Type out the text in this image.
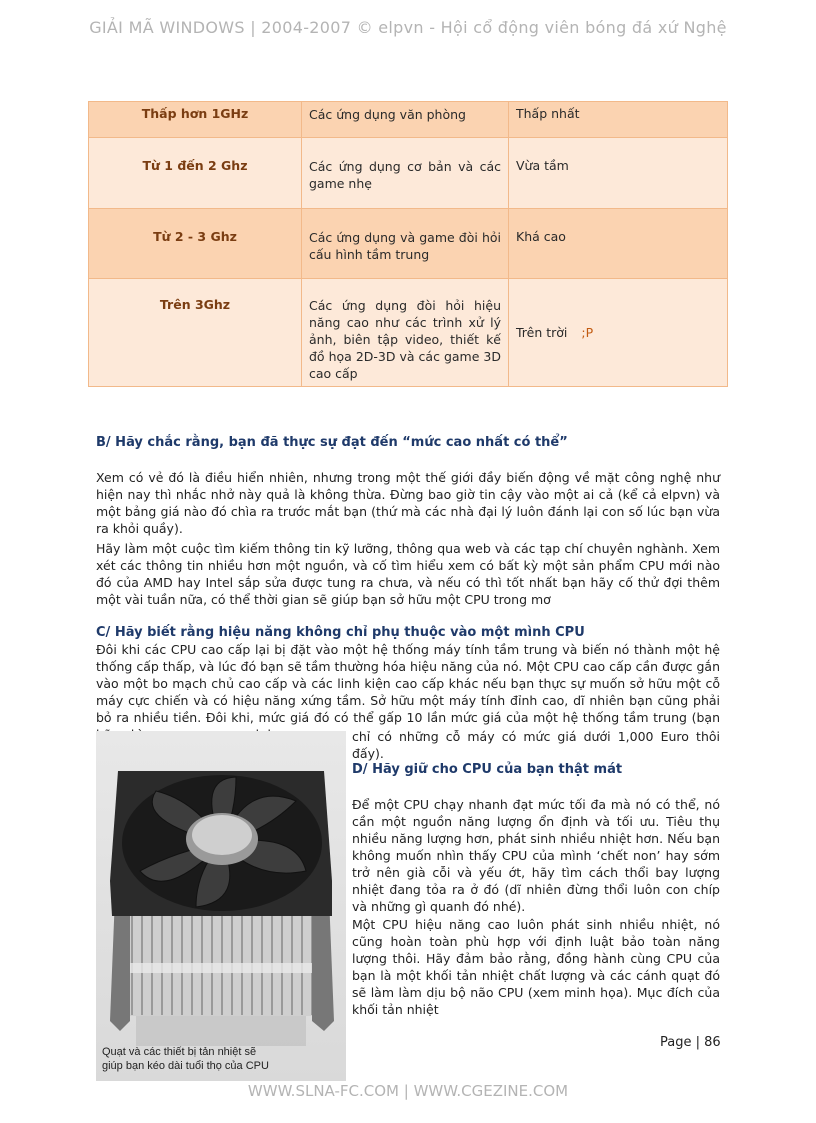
GIẢI MÃ WINDOWS | 2004-2007 © elpvn - Hội cổ động viên bóng đá xứ Nghệ
Thấp hơn 1GHz	Các ứng dụng văn phòng	Thấp nhất
Từ 1 đến 2 Ghz	Các ứng dụng cơ bản và các game nhẹ	Vừa tầm
Từ 2 - 3 Ghz	Các ứng dụng và game đòi hỏi cấu hình tầm trung	Khá cao
Trên 3Ghz	Các ứng dụng đòi hỏi hiệu năng cao như các trình xử lý ảnh, biên tập video, thiết kế đồ họa 2D-3D và các game 3D cao cấp	Trên trời ;P
B/ Hãy chắc rằng, bạn đã thực sự đạt đến “mức cao nhất có thể”
Xem có vẻ đó là điều hiển nhiên, nhưng trong một thế giới đầy biến động về mặt công nghệ như hiện nay thì nhắc nhở này quả là không thừa. Đừng bao giờ tin cậy vào một ai cả (kể cả elpvn) và một bảng giá nào đó chìa ra trước mắt bạn (thứ mà các nhà đại lý luôn đánh lại con số lúc bạn vừa ra khỏi quầy).
Hãy làm một cuộc tìm kiếm thông tin kỹ lưỡng, thông qua web và các tạp chí chuyên nghành. Xem xét các thông tin nhiều hơn một nguồn, và cố tìm hiểu xem có bất kỳ một sản phẩm CPU mới nào đó của AMD hay Intel sắp sửa được tung ra chưa, và nếu có thì tốt nhất bạn hãy cố thử đợi thêm một vài tuần nữa, có thể thời gian sẽ giúp bạn sở hữu một CPU trong mơ
C/ Hãy biết rằng hiệu năng không chỉ phụ thuộc vào một mình CPU
Đôi khi các CPU cao cấp lại bị đặt vào một hệ thống máy tính tầm trung và biến nó thành một hệ thống cấp thấp, và lúc đó bạn sẽ tầm thường hóa hiệu năng của nó. Một CPU cao cấp cần được gắn vào một bo mạch chủ cao cấp và các linh kiện cao cấp khác nếu bạn thực sự muốn sở hữu một cỗ máy cực chiến và có hiệu năng xứng tầm. Sở hữu một máy tính đỉnh cao, dĩ nhiên bạn cũng phải bỏ ra nhiều tiền. Đôi khi, mức giá đó có thể gấp 10 lần mức giá của một hệ thống tầm trung (bạn
chỉ có những cỗ máy có mức giá dưới 1,000 Euro thôi đấy).
Quạt và các thiết bị tản nhiệt sẽ
giúp bạn kéo dài tuổi thọ của CPU
D/ Hãy giữ cho CPU của bạn thật mát
Để một CPU chạy nhanh đạt mức tối đa mà nó có thể, nó cần một nguồn năng lượng ổn định và tối ưu. Tiêu thụ nhiều năng lượng hơn, phát sinh nhiều nhiệt hơn. Nếu bạn không muốn nhìn thấy CPU của mình ‘chết non’ hay sớm trở nên già cỗi và yếu ớt, hãy tìm cách thổi bay lượng nhiệt đang tỏa ra ở đó (dĩ nhiên đừng thổi luôn con chíp và những gì quanh đó nhé).
Một CPU hiệu năng cao luôn phát sinh nhiều nhiệt, nó cũng hoàn toàn phù hợp với định luật bảo toàn năng lượng thôi. Hãy đảm bảo rằng, đồng hành cùng CPU của bạn là một khối tản nhiệt chất lượng và các cánh quạt đó sẽ làm làm dịu bộ não CPU (xem minh họa). Mục đích của khối tản nhiệt
Page | 86
WWW.SLNA-FC.COM | WWW.CGEZINE.COM
